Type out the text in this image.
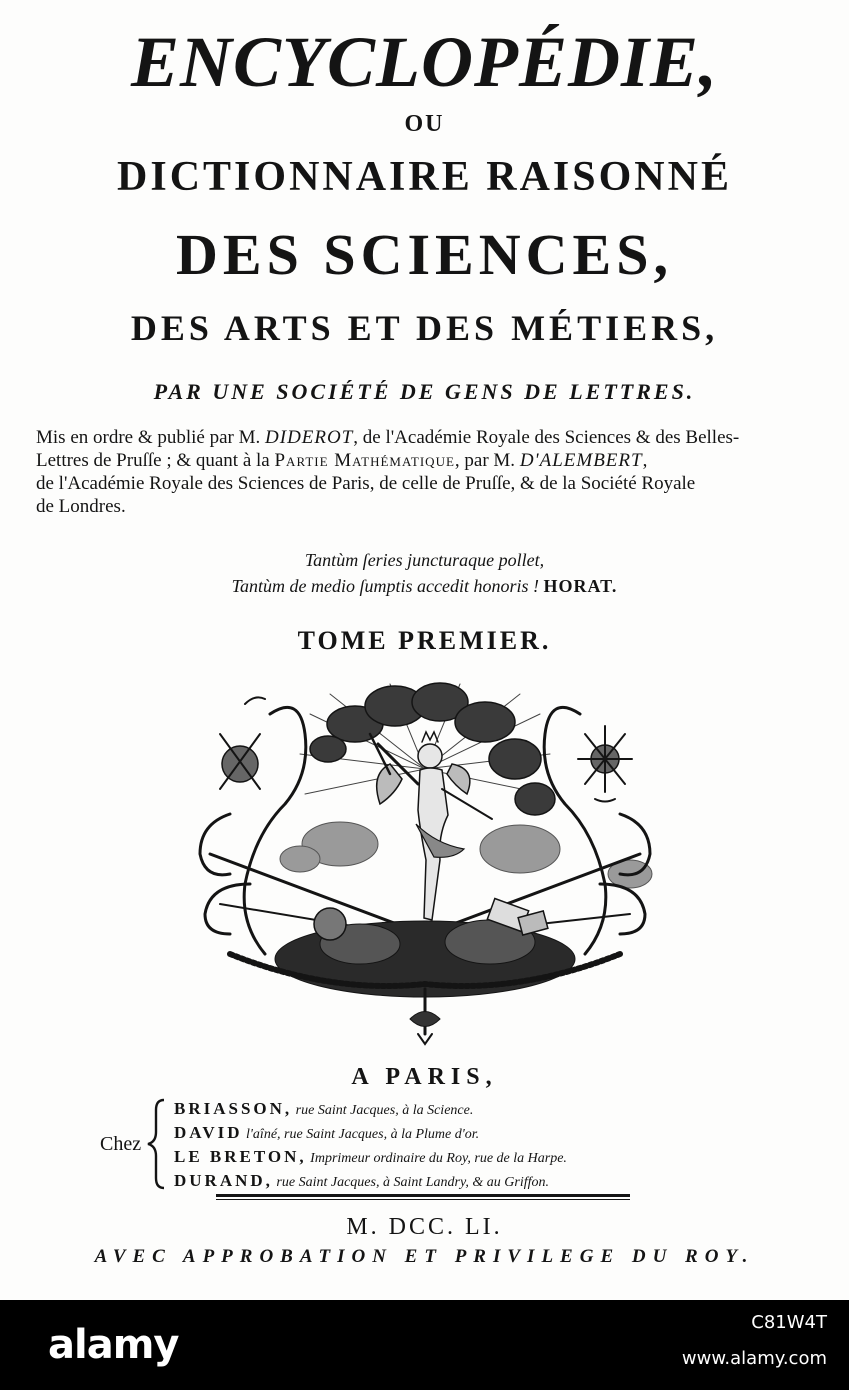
ENCYCLOPÉDIE,
OU
DICTIONNAIRE RAISONNÉ
DES SCIENCES,
DES ARTS ET DES MÉTIERS,
PAR UNE SOCIÉTÉ DE GENS DE LETTRES.
Mis en ordre & publié par M. DIDEROT, de l'Académie Royale des Sciences & des Belles-
Lettres de Pruſſe ; & quant à la Partie Mathématique, par M. D'ALEMBERT,
de l'Académie Royale des Sciences de Paris, de celle de Pruſſe, & de la Société Royale
de Londres.
Tantùm ſeries juncturaque pollet,
Tantùm de medio ſumptis accedit honoris ! HORAT.
TOME PREMIER.
A PARIS,
Chez
BRIASSON, rue Saint Jacques, à la Science.
DAVID l'aîné, rue Saint Jacques, à la Plume d'or.
LE BRETON, Imprimeur ordinaire du Roy, rue de la Harpe.
DURAND, rue Saint Jacques, à Saint Landry, & au Griffon.
M. DCC. LI.
AVEC APPROBATION ET PRIVILEGE DU ROY.
alamy	C81W4T
www.alamy.com
